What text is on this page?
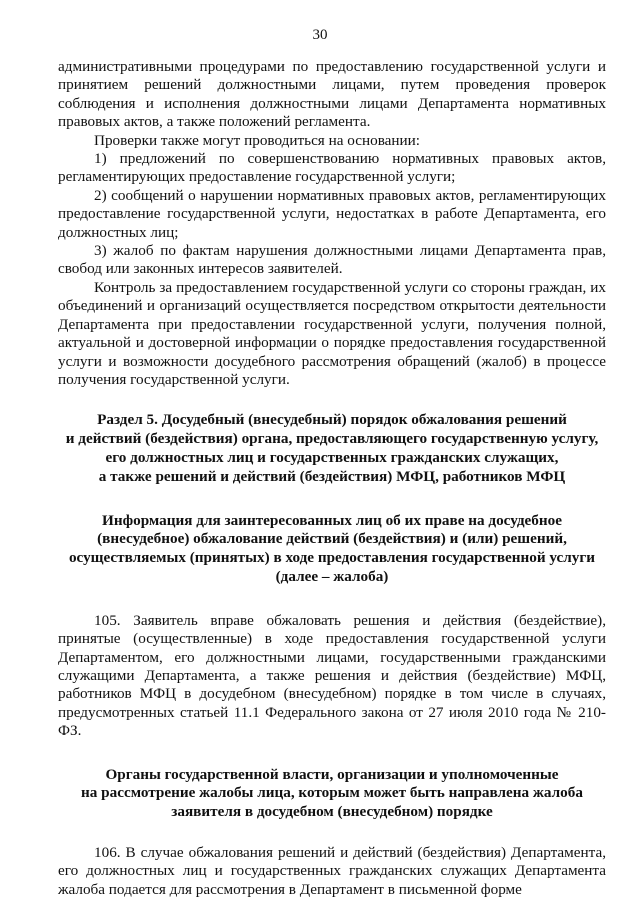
30

административными процедурами по предоставлению государственной услуги и принятием решений должностными лицами, путем проведения проверок соблюдения и исполнения должностными лицами Департамента нормативных правовых актов, а также положений регламента.

Проверки также могут проводиться на основании:

1) предложений по совершенствованию нормативных правовых актов, регламентирующих предоставление государственной услуги;

2) сообщений о нарушении нормативных правовых актов, регламентирующих предоставление государственной услуги, недостатках в работе Департамента, его должностных лиц;

3) жалоб по фактам нарушения должностными лицами Департамента прав, свобод или законных интересов заявителей.

Контроль за предоставлением государственной услуги со стороны граждан, их объединений и организаций осуществляется посредством открытости деятельности Департамента при предоставлении государственной услуги, получения полной, актуальной и достоверной информации о порядке предоставления государственной услуги и возможности досудебного рассмотрения обращений (жалоб) в процессе получения государственной услуги.

Раздел 5. Досудебный (внесудебный) порядок обжалования решений
и действий (бездействия) органа, предоставляющего государственную услугу,
его должностных лиц и государственных гражданских служащих,
а также решений и действий (бездействия) МФЦ, работников МФЦ
Информация для заинтересованных лиц об их праве на досудебное
(внесудебное) обжалование действий (бездействия) и (или) решений,
осуществляемых (принятых) в ходе предоставления государственной услуги
(далее – жалоба)

105. Заявитель вправе обжаловать решения и действия (бездействие), принятые (осуществленные) в ходе предоставления государственной услуги Департаментом, его должностными лицами, государственными гражданскими служащими Департамента, а также решения и действия (бездействие) МФЦ, работников МФЦ в досудебном (внесудебном) порядке в том числе в случаях, предусмотренных статьей 11.1 Федерального закона от 27 июля 2010 года № 210-ФЗ.

Органы государственной власти, организации и уполномоченные
на рассмотрение жалобы лица, которым может быть направлена жалоба
заявителя в досудебном (внесудебном) порядке

106. В случае обжалования решений и действий (бездействия) Департамента, его должностных лиц и государственных гражданских служащих Департамента жалоба подается для рассмотрения в Департамент в письменной форме
